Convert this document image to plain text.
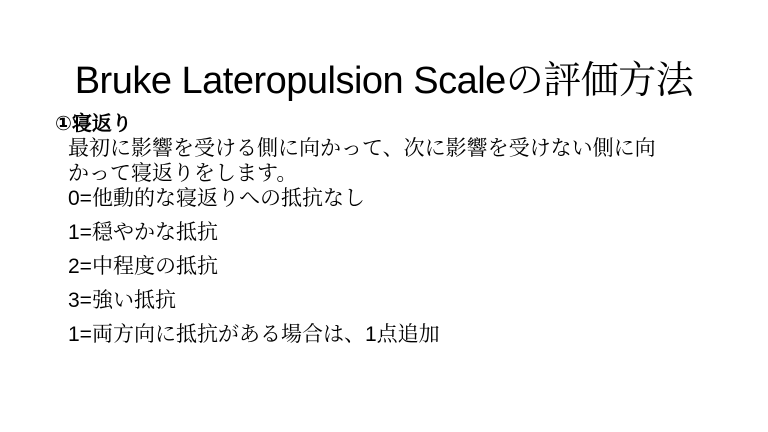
Bruke Lateropulsion Scaleの評価方法
①寝返り
最初に影響を受ける側に向かって、次に影響を受けない側に向
かって寝返りをします。
0=他動的な寝返りへの抵抗なし
1=穏やかな抵抗
2=中程度の抵抗
3=強い抵抗
1=両方向に抵抗がある場合は、1点追加
